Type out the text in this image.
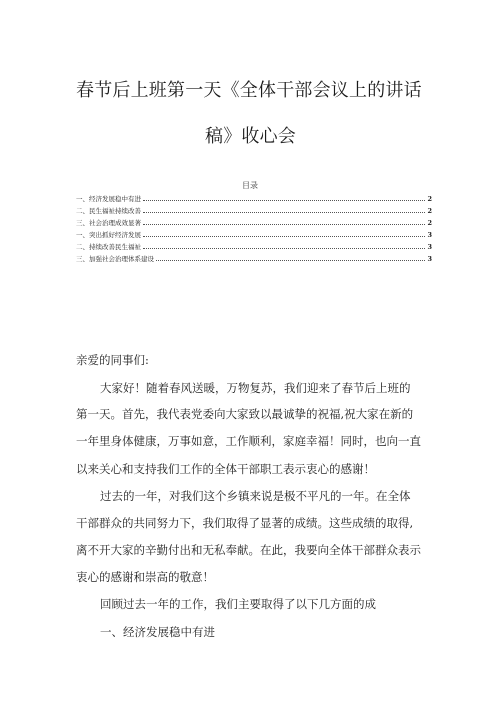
春节后上班第一天《全体干部会议上的讲话
稿》收心会
目录
一、经济发展稳中有进	2
二、民生福祉持续改善	2
三、社会治理成效显著	2
一、突出抓好经济发展	3
二、持续改善民生福祉	3
三、加强社会治理体系建设	3
亲爱的同事们:
大家好！随着春风送暖，万物复苏，我们迎来了春节后上班的
第一天。首先，我代表党委向大家致以最诚挚的祝福,祝大家在新的
一年里身体健康，万事如意，工作顺利，家庭幸福！同时，也向一直
以来关心和支持我们工作的全体干部职工表示衷心的感谢！
过去的一年，对我们这个乡镇来说是极不平凡的一年。在全体
干部群众的共同努力下，我们取得了显著的成绩。这些成绩的取得,
离不开大家的辛勤付出和无私奉献。在此，我要向全体干部群众表示
衷心的感谢和崇高的敬意！
回顾过去一年的工作，我们主要取得了以下几方面的成
一、经济发展稳中有进
